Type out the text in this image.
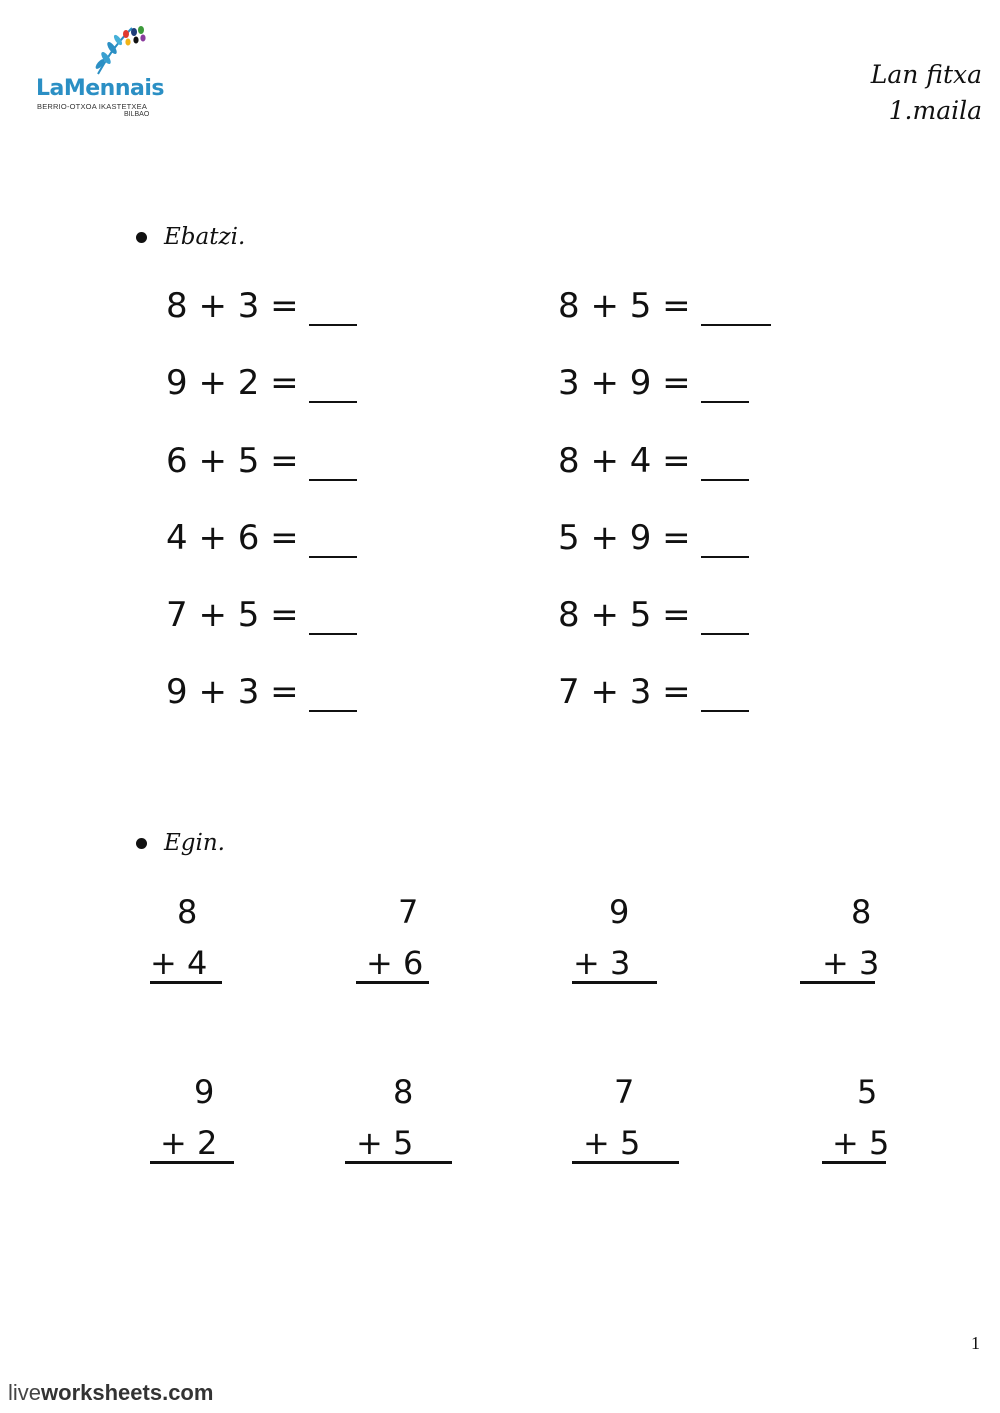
LaMennais
BERRIO-OTXOA IKASTETXEA
BILBAO
Lan fitxa
1.maila
Ebatzi.
8 + 3 =
9 + 2 =
6 + 5 =
4 + 6 =
7 + 5 =
9 + 3 =
8 + 5 =
3 + 9 =
8 + 4 =
5 + 9 =
8 + 5 =
7 + 3 =
Egin.
8
+ 4
7
+ 6
9
+ 3
8
+ 3
9
+ 2
8
+ 5
7
+ 5
5
+ 5
1
liveworksheets.com
